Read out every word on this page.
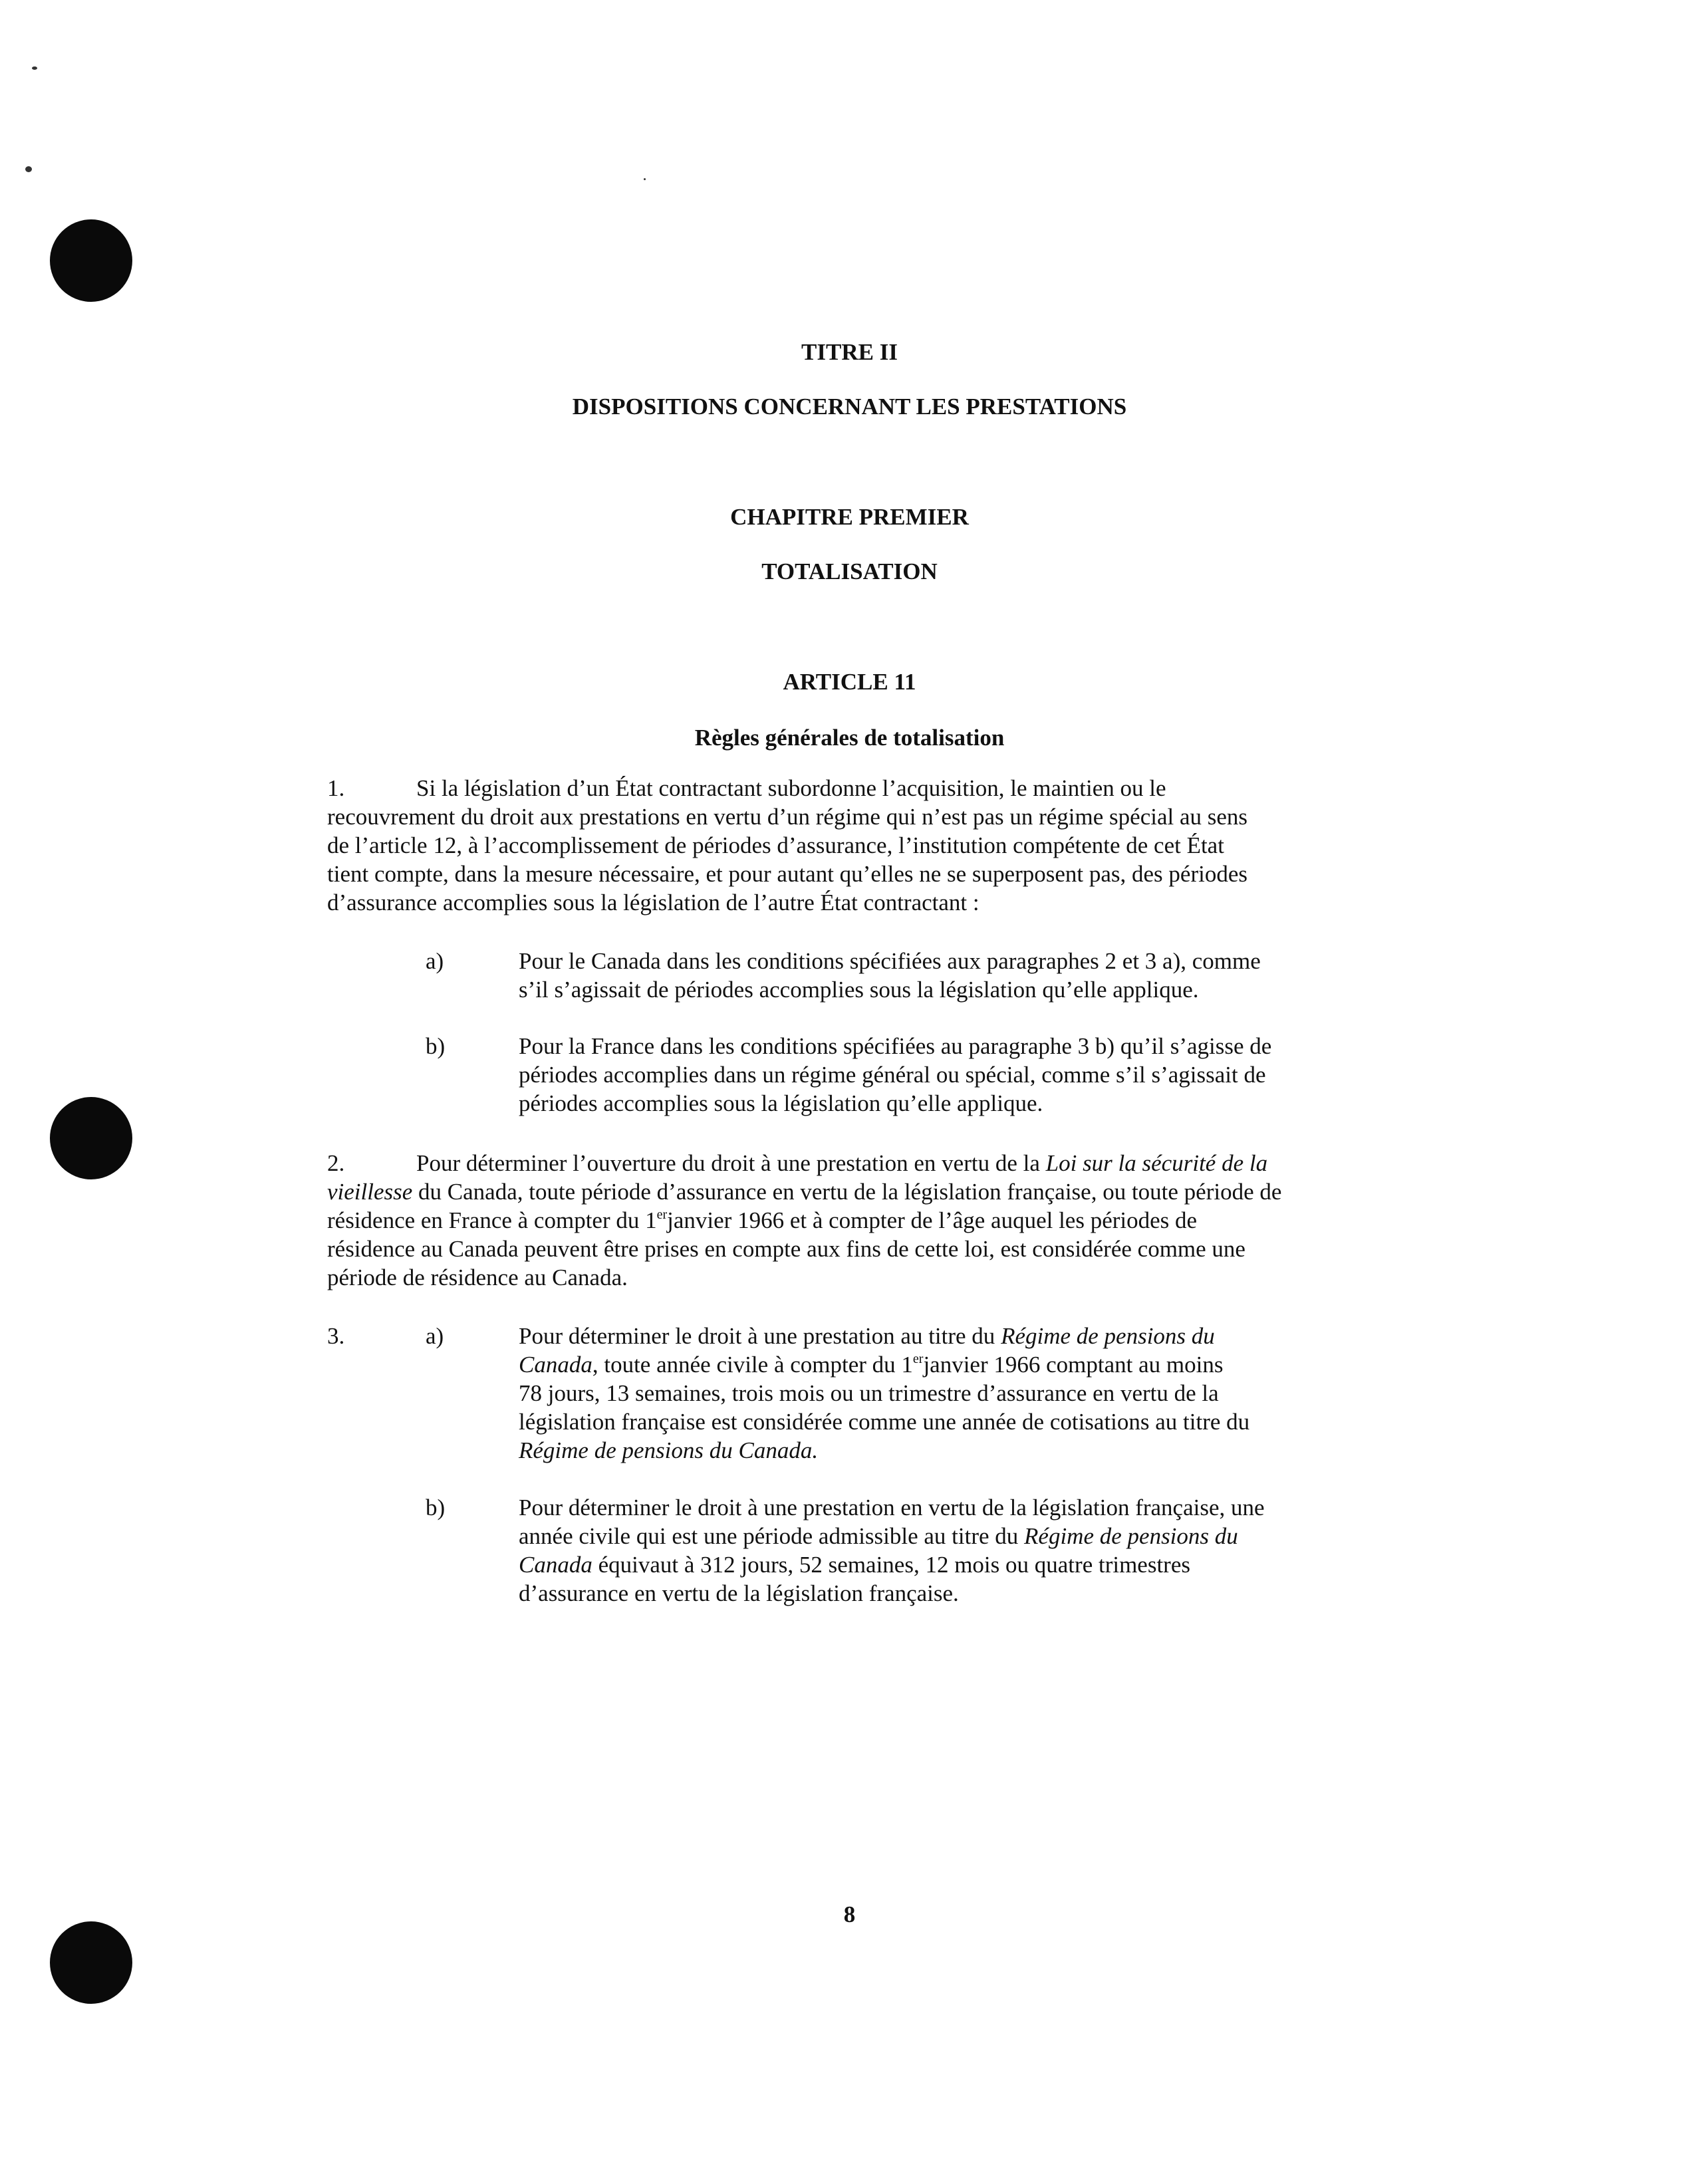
TITRE II
DISPOSITIONS CONCERNANT LES PRESTATIONS
CHAPITRE PREMIER
TOTALISATION
ARTICLE 11
Règles générales de totalisation
1.	Si la législation d’un État contractant subordonne l’acquisition, le maintien ou le
recouvrement du droit aux prestations en vertu d’un régime qui n’est pas un régime spécial au sens
de l’article 12, à l’accomplissement de périodes d’assurance, l’institution compétente de cet État
tient compte, dans la mesure nécessaire, et pour autant qu’elles ne se superposent pas, des périodes
d’assurance accomplies sous la législation de l’autre État contractant :
a)	Pour le Canada dans les conditions spécifiées aux paragraphes 2 et 3 a), comme
s’il s’agissait de périodes accomplies sous la législation qu’elle applique.
b)	Pour la France dans les conditions spécifiées au paragraphe 3 b) qu’il s’agisse de
périodes accomplies dans un régime général ou spécial, comme s’il s’agissait de
périodes accomplies sous la législation qu’elle applique.
2.	Pour déterminer l’ouverture du droit à une prestation en vertu de la Loi sur la sécurité de la
vieillesse du Canada, toute période d’assurance en vertu de la législation française, ou toute période de
résidence en France à compter du 1erjanvier 1966 et à compter de l’âge auquel les périodes de
résidence au Canada peuvent être prises en compte aux fins de cette loi, est considérée comme une
période de résidence au Canada.
3.	a)	Pour déterminer le droit à une prestation au titre du Régime de pensions du
Canada, toute année civile à compter du 1erjanvier 1966 comptant au moins
78 jours, 13 semaines, trois mois ou un trimestre d’assurance en vertu de la
législation française est considérée comme une année de cotisations au titre du
Régime de pensions du Canada.
b)	Pour déterminer le droit à une prestation en vertu de la législation française, une
année civile qui est une période admissible au titre du Régime de pensions du
Canada équivaut à 312 jours, 52 semaines, 12 mois ou quatre trimestres
d’assurance en vertu de la législation française.
8
